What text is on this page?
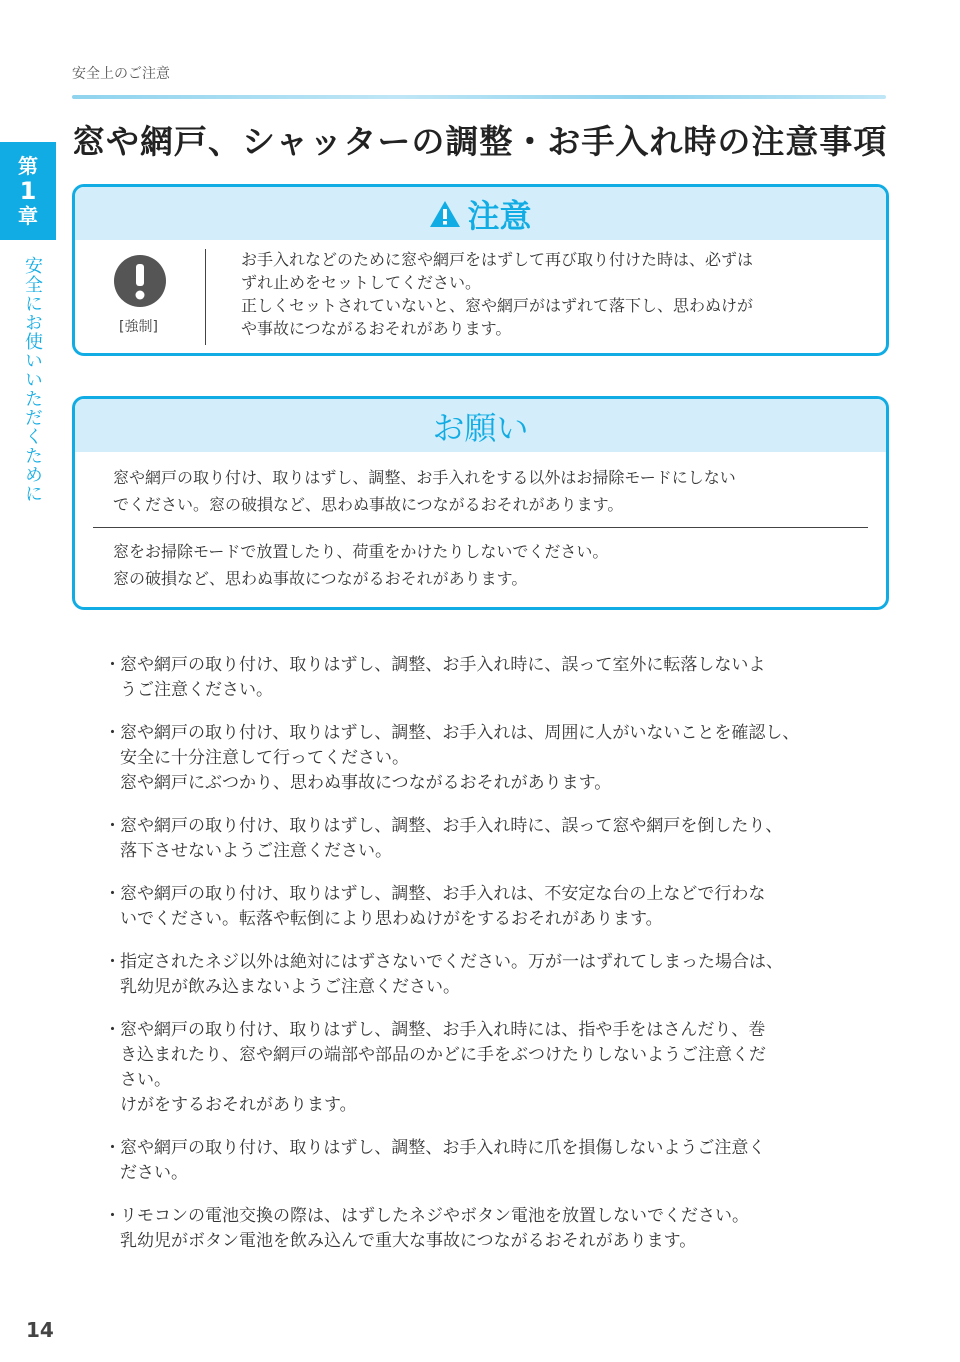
安全上のご注意
窓や網戸、シャッターの調整・お手入れ時の注意事項
第
1
章
安全にお使いいただくために
注意
[強制]
お手入れなどのために窓や網戸をはずして再び取り付けた時は、必ずは
ずれ止めをセットしてください。
正しくセットされていないと、窓や網戸がはずれて落下し、思わぬけが
や事故につながるおそれがあります。
お願い
窓や網戸の取り付け、取りはずし、調整、お手入れをする以外はお掃除モードにしない
でください。窓の破損など、思わぬ事故につながるおそれがあります。
窓をお掃除モードで放置したり、荷重をかけたりしないでください。
窓の破損など、思わぬ事故につながるおそれがあります。
・ 窓や網戸の取り付け、取りはずし、調整、お手入れ時に、誤って室外に転落しないよ
うご注意ください。
・ 窓や網戸の取り付け、取りはずし、調整、お手入れは、周囲に人がいないことを確認し、
安全に十分注意して行ってください。
窓や網戸にぶつかり、思わぬ事故につながるおそれがあります。
・ 窓や網戸の取り付け、取りはずし、調整、お手入れ時に、誤って窓や網戸を倒したり、
落下させないようご注意ください。
・ 窓や網戸の取り付け、取りはずし、調整、お手入れは、不安定な台の上などで行わな
いでください。転落や転倒により思わぬけがをするおそれがあります。
・ 指定されたネジ以外は絶対にはずさないでください。万が一はずれてしまった場合は、
乳幼児が飲み込まないようご注意ください。
・ 窓や網戸の取り付け、取りはずし、調整、お手入れ時には、指や手をはさんだり、巻
き込まれたり、窓や網戸の端部や部品のかどに手をぶつけたりしないようご注意くだ
さい。
けがをするおそれがあります。
・ 窓や網戸の取り付け、取りはずし、調整、お手入れ時に爪を損傷しないようご注意く
ださい。
・ リモコンの電池交換の際は、はずしたネジやボタン電池を放置しないでください。
乳幼児がボタン電池を飲み込んで重大な事故につながるおそれがあります。
14
